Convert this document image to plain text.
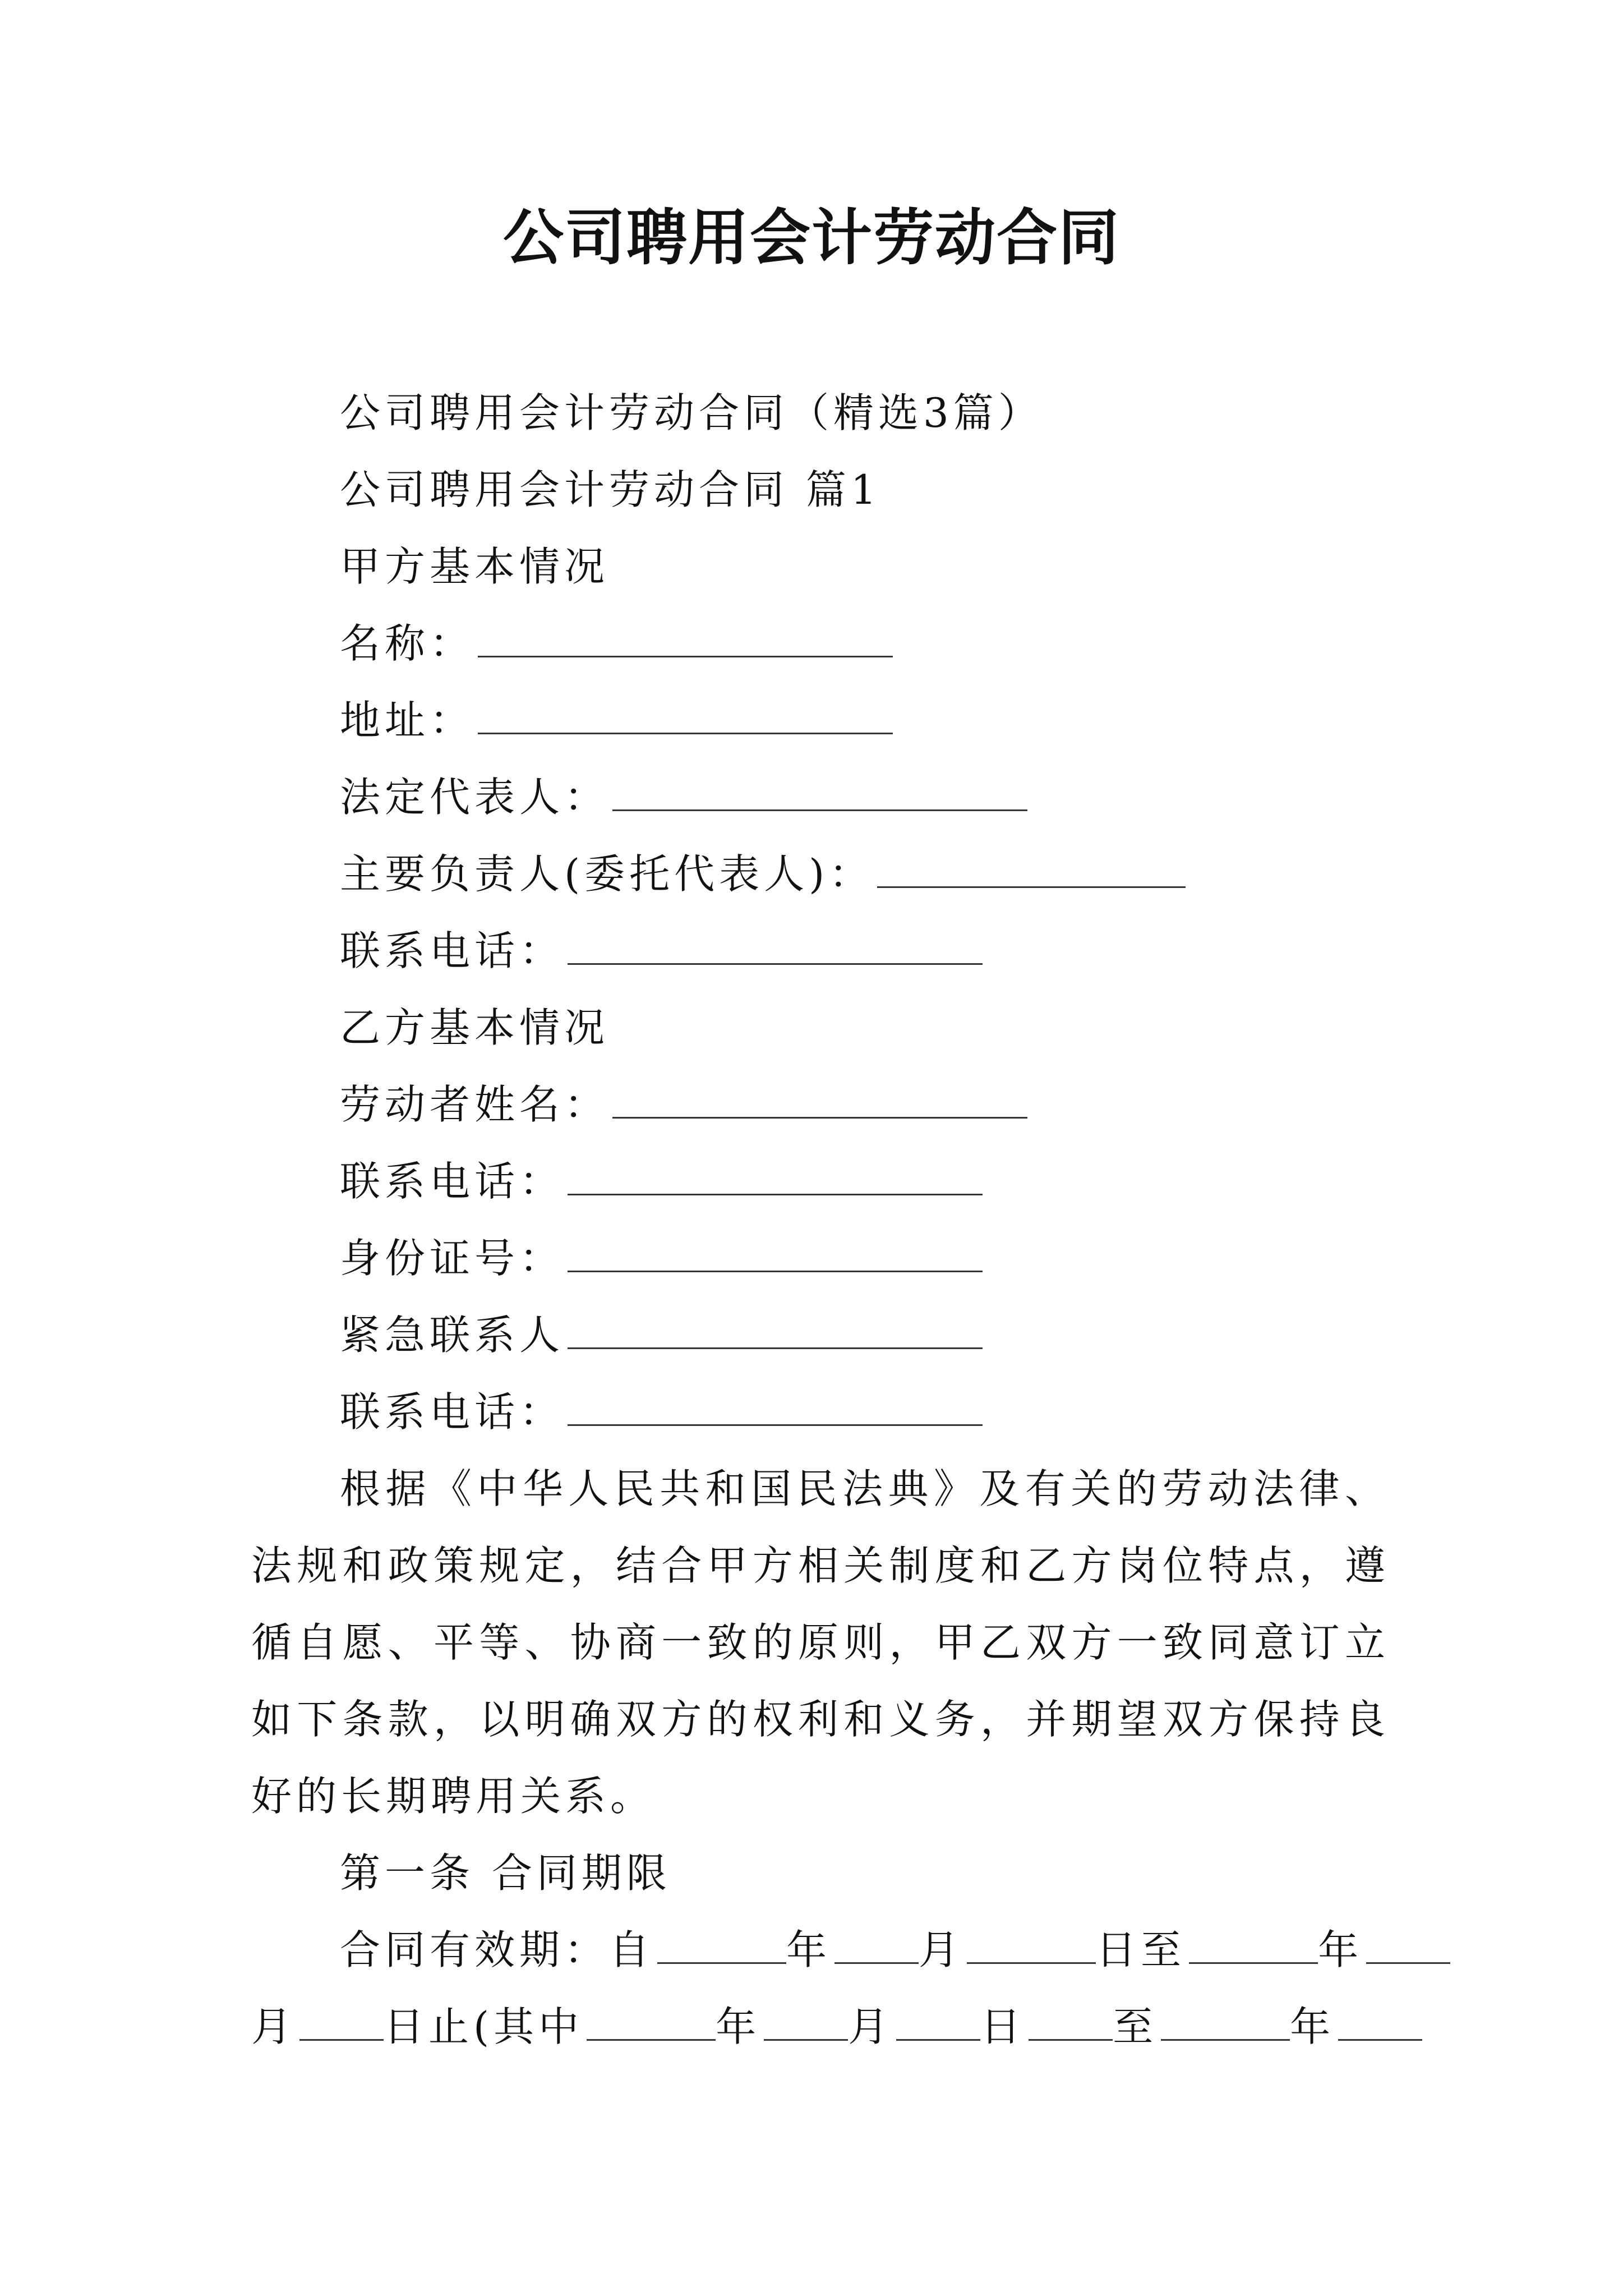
公司聘用会计劳动合同

公司聘用会计劳动合同（精选3篇）

公司聘用会计劳动合同 篇1

甲方基本情况

名称：

地址：

法定代表人：

主要负责人(委托代表人)：

联系电话：

乙方基本情况

劳动者姓名：

联系电话：

身份证号：

紧急联系人

联系电话：

根据《中华人民共和国民法典》及有关的劳动法律、法规和政策规定，结合甲方相关制度和乙方岗位特点，遵循自愿、平等、协商一致的原则，甲乙双方一致同意订立如下条款，以明确双方的权利和义务，并期望双方保持良好的长期聘用关系。

第一条 合同期限

合同有效期：自	年 月	日至	年

月 日止(其中	年 月 日 至	年
